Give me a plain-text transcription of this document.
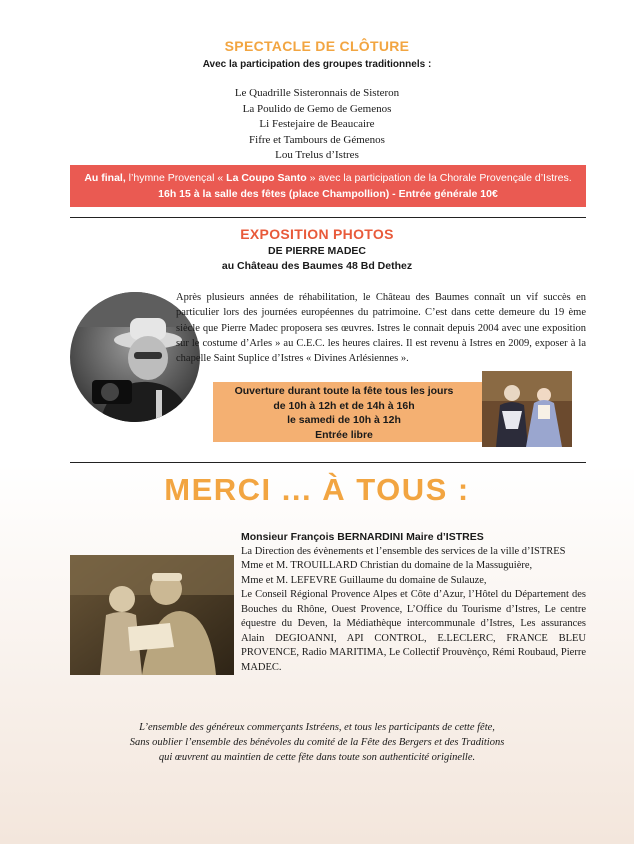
SPECTACLE DE CLÔTURE
Avec la participation des groupes traditionnels :
Le Quadrille Sisteronnais de Sisteron
La Poulido de Gemo de Gemenos
Li Festejaire de Beaucaire
Fifre et Tambours de Gémenos
Lou Trelus d’Istres
Au final, l’hymne Provençal « La Coupo Santo » avec la participation de la Chorale Provençale d’Istres.
16h 15 à la salle des fêtes (place Champollion) - Entrée générale 10€
EXPOSITION PHOTOS
DE PIERRE MADEC
au Château des Baumes 48 Bd Dethez
Après plusieurs années de réhabilitation, le Château des Baumes connaît un vif succès en particulier lors des journées européennes du patrimoine. C’est dans cette demeure du 19 ème siècle que Pierre Madec proposera ses œuvres. Istres le connait depuis 2004 avec une exposition sur le costume d’Arles » au C.E.C. les heures claires. Il est revenu à Istres en 2009, exposer à la chapelle Saint Suplice d’Istres « Divines Arlésiennes ».
Ouverture durant toute la fête tous les jours
de 10h à 12h et de 14h à 16h
le samedi de 10h à 12h
Entrée libre
MERCI ... À TOUS :
Monsieur François BERNARDINI Maire d’ISTRES
La Direction des évènements et l’ensemble des services de la ville d’ISTRES
Mme et M. TROUILLARD Christian du domaine de la Massuguière,
Mme et M. LEFEVRE Guillaume du domaine de Sulauze,
Le Conseil Régional Provence Alpes et Côte d’Azur, l’Hôtel du Département des Bouches du Rhône, Ouest Provence, L’Office du Tourisme d’Istres, Le centre équestre du Deven, la Médiathèque intercommunale d’Istres, Les assurances Alain DEGIOANNI, API CONTROL, E.LECLERC, FRANCE BLEU PROVENCE, Radio MARITIMA, Le Collectif Prouvènço, Rémi Roubaud, Pierre MADEC.
L’ensemble des généreux commerçants Istréens, et tous les participants de cette fête,
Sans oublier l’ensemble des bénévoles du comité de la Fête des Bergers et des Traditions
qui œuvrent au maintien de cette fête dans toute son authenticité originelle.
